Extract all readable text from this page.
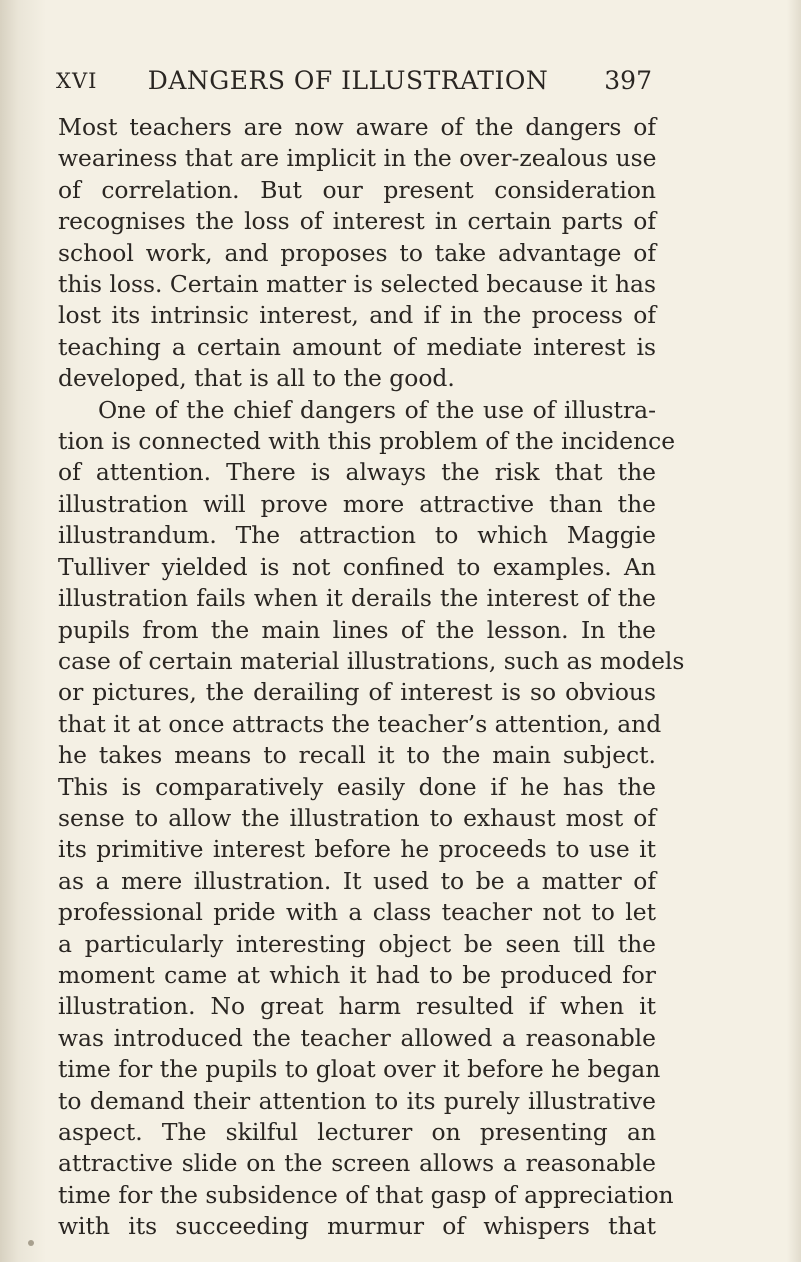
XVI	DANGERS OF ILLUSTRATION	397
Most teachers are now aware of the dangers of
weariness that are implicit in the over-zealous use
of correlation. But our present consideration
recognises the loss of interest in certain parts of
school work, and proposes to take advantage of
this loss. Certain matter is selected because it has
lost its intrinsic interest, and if in the process of
teaching a certain amount of mediate interest is
developed, that is all to the good.
One of the chief dangers of the use of illustra-
tion is connected with this problem of the incidence
of attention. There is always the risk that the
illustration will prove more attractive than the
illustrandum. The attraction to which Maggie
Tulliver yielded is not confined to examples. An
illustration fails when it derails the interest of the
pupils from the main lines of the lesson. In the
case of certain material illustrations, such as models
or pictures, the derailing of interest is so obvious
that it at once attracts the teacher’s attention, and
he takes means to recall it to the main subject.
This is comparatively easily done if he has the
sense to allow the illustration to exhaust most of
its primitive interest before he proceeds to use it
as a mere illustration. It used to be a matter of
professional pride with a class teacher not to let
a particularly interesting object be seen till the
moment came at which it had to be produced for
illustration. No great harm resulted if when it
was introduced the teacher allowed a reasonable
time for the pupils to gloat over it before he began
to demand their attention to its purely illustrative
aspect. The skilful lecturer on presenting an
attractive slide on the screen allows a reasonable
time for the subsidence of that gasp of appreciation
with its succeeding murmur of whispers that
